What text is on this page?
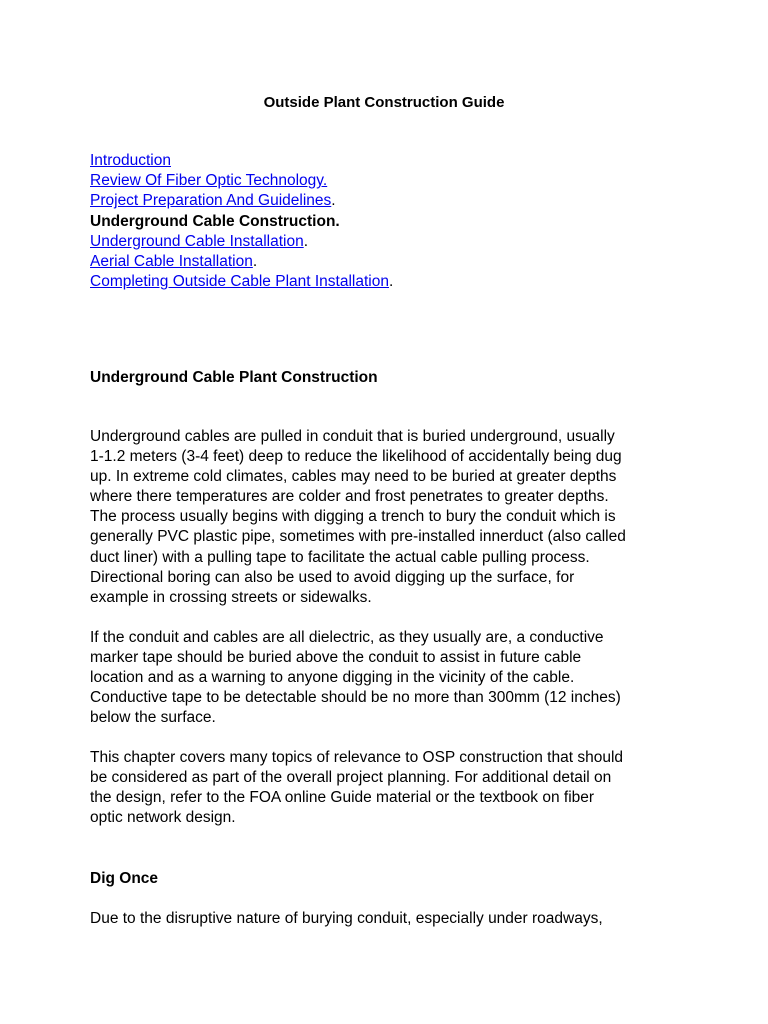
Outside Plant Construction Guide
Introduction
Review Of Fiber Optic Technology.
Project Preparation And Guidelines.
Underground Cable Construction.
Underground Cable Installation.
Aerial Cable Installation.
Completing Outside Cable Plant Installation.
Underground Cable Plant Construction
Underground cables are pulled in conduit that is buried underground, usually
1-1.2 meters (3-4 feet) deep to reduce the likelihood of accidentally being dug
up. In extreme cold climates, cables may need to be buried at greater depths
where there temperatures are colder and frost penetrates to greater depths.
The process usually begins with digging a trench to bury the conduit which is
generally PVC plastic pipe, sometimes with pre-installed innerduct (also called
duct liner) with a pulling tape to facilitate the actual cable pulling process.
Directional boring can also be used to avoid digging up the surface, for
example in crossing streets or sidewalks.
If the conduit and cables are all dielectric, as they usually are, a conductive
marker tape should be buried above the conduit to assist in future cable
location and as a warning to anyone digging in the vicinity of the cable.
Conductive tape to be detectable should be no more than 300mm (12 inches)
below the surface.
This chapter covers many topics of relevance to OSP construction that should
be considered as part of the overall project planning. For additional detail on
the design, refer to the FOA online Guide material or the textbook on fiber
optic network design.
Dig Once
Due to the disruptive nature of burying conduit, especially under roadways,
